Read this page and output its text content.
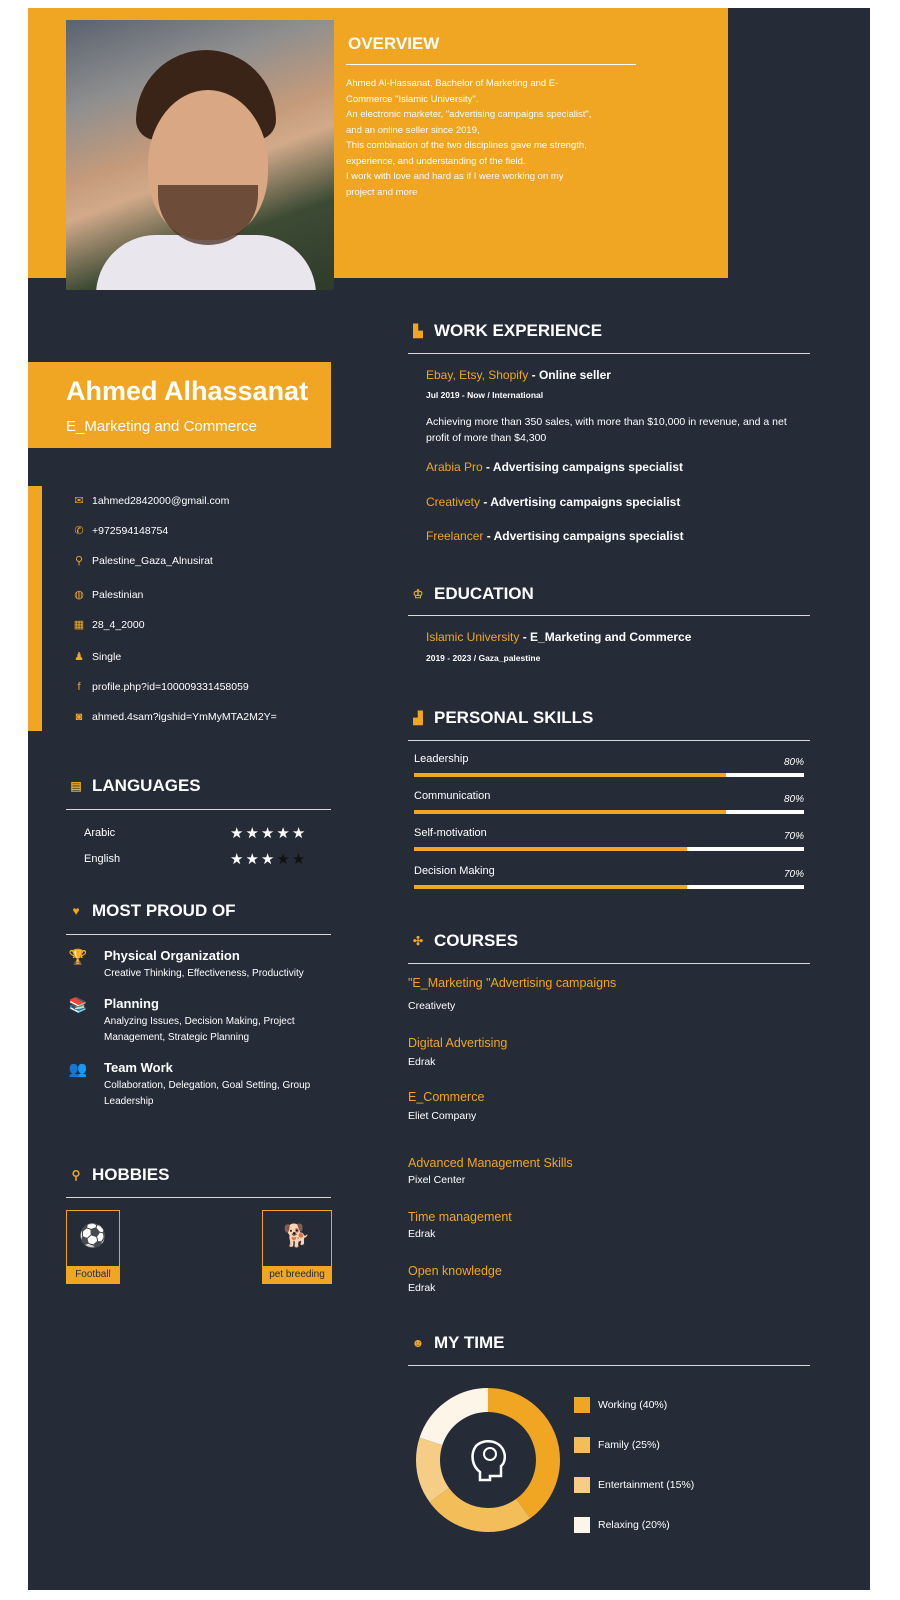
OVERVIEW
Ahmed Al-Hassanat, Bachelor of Marketing and E-
Commerce "Islamic University".
An electronic marketer, "advertising campaigns specialist",
and an online seller since 2019,
This combination of the two disciplines gave me strength,
experience, and understanding of the field.
I work with love and hard as if I were working on my
project and more
Ahmed Alhassanat
E_Marketing and Commerce
✉ 1ahmed2842000@gmail.com
✆ +972594148754
⚲ Palestine_Gaza_Alnusirat
◍ Palestinian
▦ 28_4_2000
♟ Single
f	profile.php?id=100009331458059
◙ ahmed.4sam?igshid=YmMyMTA2M2Y=
▤ LANGUAGES
Arabic	★★★★★
English	★★★★★
♥ MOST PROUD OF
🏆 Physical Organization
Creative Thinking, Effectiveness, Productivity
📚 Planning
Analyzing Issues, Decision Making, Project Management, Strategic Planning
👥 Team Work
Collaboration, Delegation, Goal Setting, Group Leadership
⚲ HOBBIES
⚽
Football
🐕
pet breeding
▙ WORK EXPERIENCE
Ebay, Etsy, Shopify - Online seller
Jul 2019 - Now / International
Achieving more than 350 sales, with more than $10,000 in revenue, and a net profit of more than $4,300
Arabia Pro - Advertising campaigns specialist
Creativety - Advertising campaigns specialist
Freelancer - Advertising campaigns specialist
♔ EDUCATION
Islamic University - E_Marketing and Commerce
2019 - 2023 / Gaza_palestine
▟ PERSONAL SKILLS
Leadership	80%
Communication	80%
Self-motivation	70%
Decision Making	70%
✣ COURSES
"E_Marketing "Advertising campaigns
Creativety
Digital Advertising
Edrak
E_Commerce
Eliet Company
Advanced Management Skills
Pixel Center
Time management
Edrak
Open knowledge
Edrak
☻ MY TIME
Working (40%)
Family (25%)
Entertainment (15%)
Relaxing (20%)
